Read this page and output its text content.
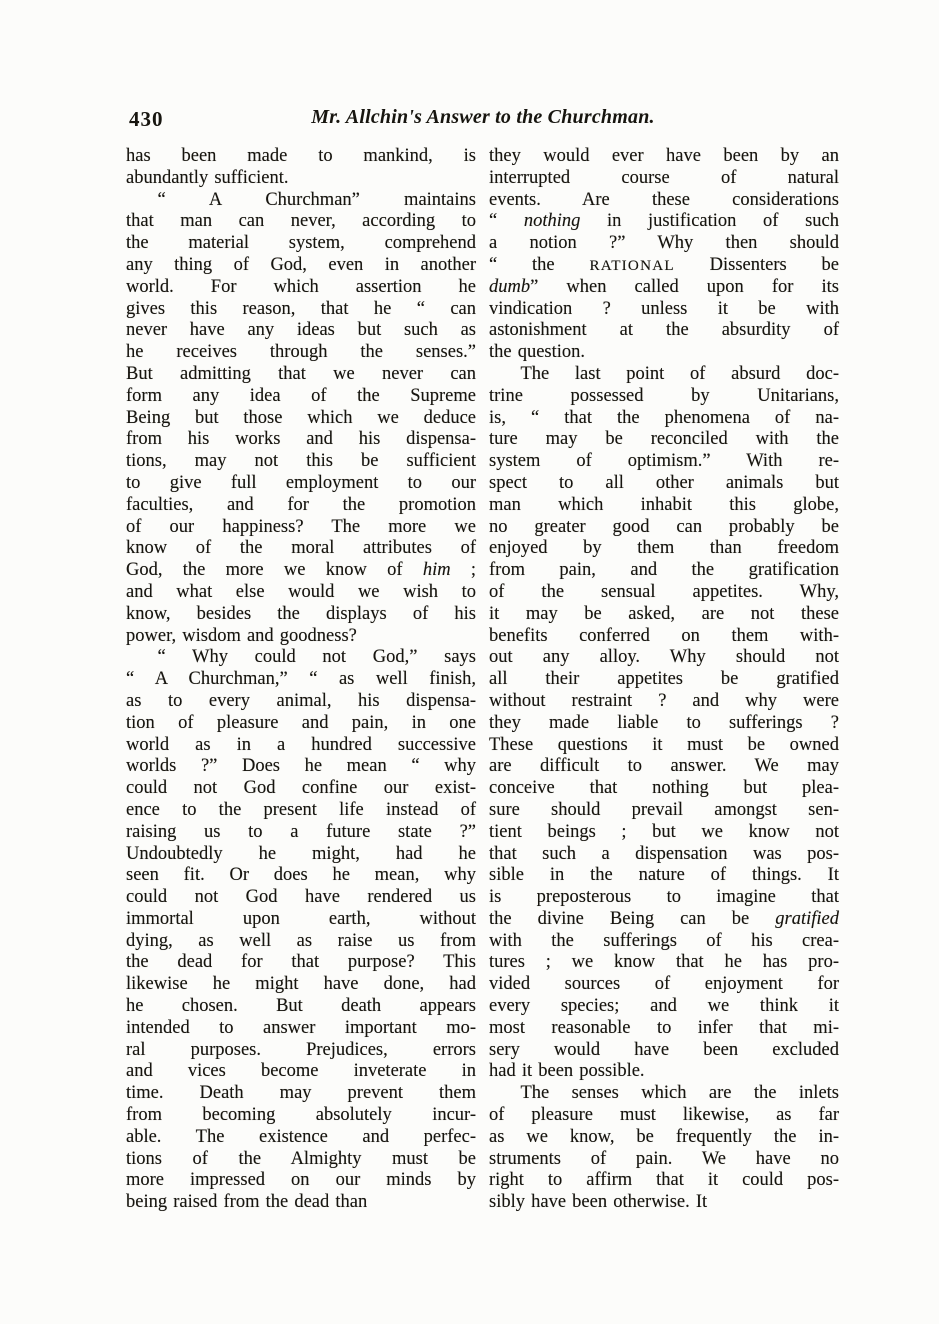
430	Mr. Allchin's Answer to the Churchman.
has been made to mankind, is
abundantly sufficient.
“ A Churchman” maintains
that man can never, according to
the material system, comprehend
any thing of God, even in another
world. For which assertion he
gives this reason, that he “ can
never have any ideas but such as
he receives through the senses.”
But admitting that we never can
form any idea of the Supreme
Being but those which we deduce
from his works and his dispensa-
tions, may not this be sufficient
to give full employment to our
faculties, and for the promotion
of our happiness? The more we
know of the moral attributes of
God, the more we know of him ;
and what else would we wish to
know, besides the displays of his
power, wisdom and goodness?
“ Why could not God,” says
“ A Churchman,” “ as well finish,
as to every animal, his dispensa-
tion of pleasure and pain, in one
world as in a hundred successive
worlds ?” Does he mean “ why
could not God confine our exist-
ence to the present life instead of
raising us to a future state ?”
Undoubtedly he might, had he
seen fit. Or does he mean, why
could not God have rendered us
immortal upon earth, without
dying, as well as raise us from
the dead for that purpose? This
likewise he might have done, had
he chosen. But death appears
intended to answer important mo-
ral purposes. Prejudices, errors
and vices become inveterate in
time. Death may prevent them
from becoming absolutely incur-
able. The existence and perfec-
tions of the Almighty must be
more impressed on our minds by
being raised from the dead than
they would ever have been by an
interrupted course of natural
events. Are these considerations
“ nothing in justification of such
a notion ?” Why then should
“ the RATIONAL Dissenters be
dumb” when called upon for its
vindication ? unless it be with
astonishment at the absurdity of
the question.
The last point of absurd doc-
trine possessed by Unitarians,
is, “ that the phenomena of na-
ture may be reconciled with the
system of optimism.” With re-
spect to all other animals but
man which inhabit this globe,
no greater good can probably be
enjoyed by them than freedom
from pain, and the gratification
of the sensual appetites. Why,
it may be asked, are not these
benefits conferred on them with-
out any alloy. Why should not
all their appetites be gratified
without restraint ? and why were
they made liable to sufferings ?
These questions it must be owned
are difficult to answer. We may
conceive that nothing but plea-
sure should prevail amongst sen-
tient beings ; but we know not
that such a dispensation was pos-
sible in the nature of things. It
is preposterous to imagine that
the divine Being can be gratified
with the sufferings of his crea-
tures ; we know that he has pro-
vided sources of enjoyment for
every species; and we think it
most reasonable to infer that mi-
sery would have been excluded
had it been possible.
The senses which are the inlets
of pleasure must likewise, as far
as we know, be frequently the in-
struments of pain. We have no
right to affirm that it could pos-
sibly have been otherwise. It
